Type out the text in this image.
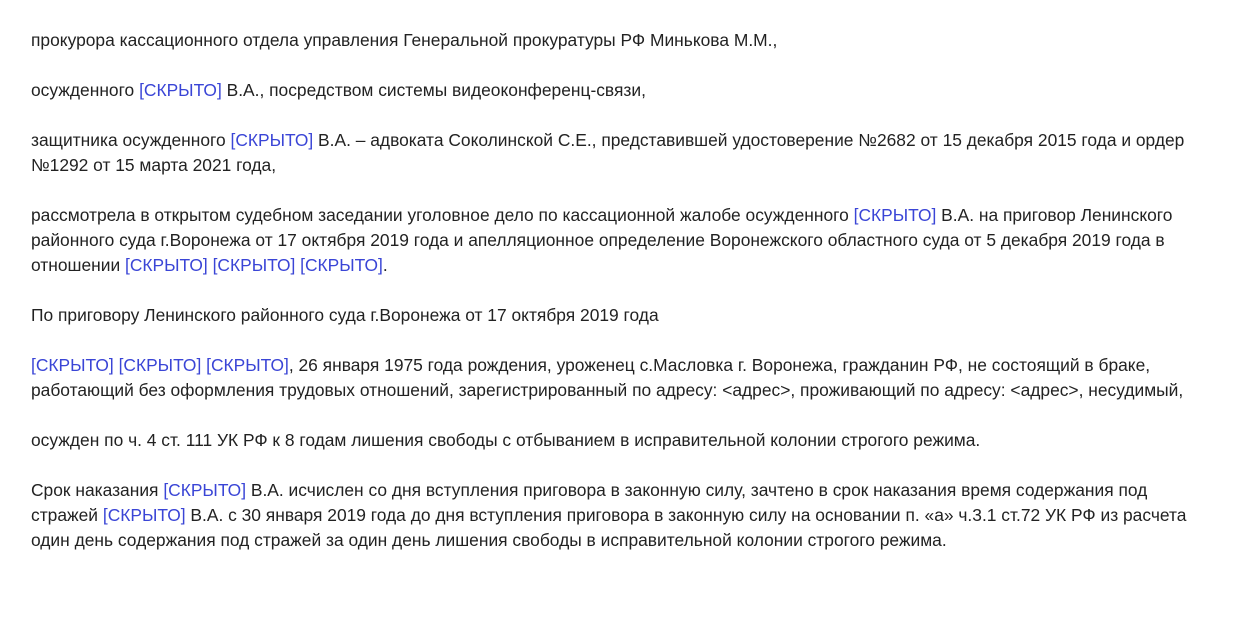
прокурора кассационного отдела управления Генеральной прокуратуры РФ Минькова М.М.,

осужденного [СКРЫТО] В.А., посредством системы видеоконференц-связи,

защитника осужденного [СКРЫТО] В.А. – адвоката Соколинской С.Е., представившей удостоверение №2682 от 15 декабря 2015 года и ордер №1292 от 15 марта 2021 года,

рассмотрела в открытом судебном заседании уголовное дело по кассационной жалобе осужденного [СКРЫТО] В.А. на приговор Ленинского районного суда г.Воронежа от 17 октября 2019 года и апелляционное определение Воронежского областного суда от 5 декабря 2019 года в отношении [СКРЫТО] [СКРЫТО] [СКРЫТО].

По приговору Ленинского районного суда г.Воронежа от 17 октября 2019 года

[СКРЫТО] [СКРЫТО] [СКРЫТО], 26 января 1975 года рождения, уроженец с.Масловка г. Воронежа, гражданин РФ, не состоящий в браке, работающий без оформления трудовых отношений, зарегистрированный по адресу: <адрес>, проживающий по адресу: <адрес>, несудимый,

осужден по ч. 4 ст. 111 УК РФ к 8 годам лишения свободы с отбыванием в исправительной колонии строгого режима.

Срок наказания [СКРЫТО] В.А. исчислен со дня вступления приговора в законную силу, зачтено в срок наказания время содержания под стражей [СКРЫТО] В.А. с 30 января 2019 года до дня вступления приговора в законную силу на основании п. «а» ч.3.1 ст.72 УК РФ из расчета один день содержания под стражей за один день лишения свободы в исправительной колонии строгого режима.
